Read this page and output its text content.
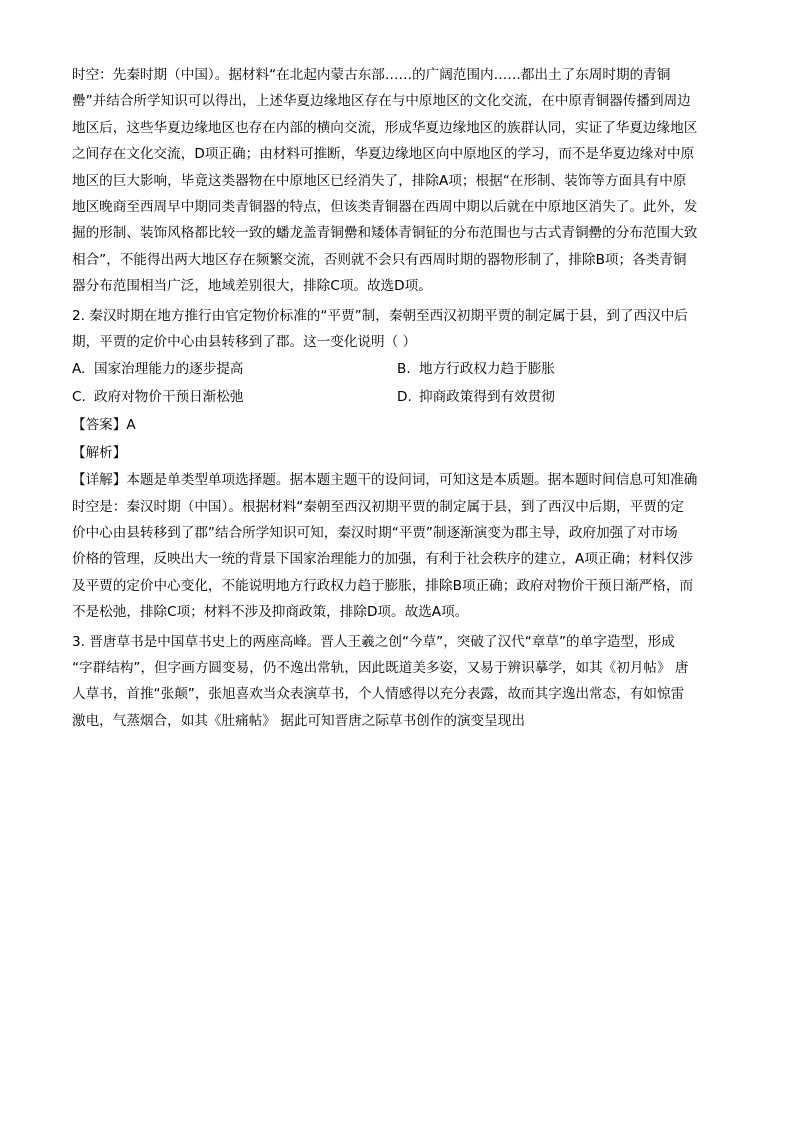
时空：先秦时期（中国）。据材料“在北起内蒙古东部……的广阔范围内……都出土了东周时期的青铜
罍”并结合所学知识可以得出，上述华夏边缘地区存在与中原地区的文化交流，在中原青铜器传播到周边
地区后，这些华夏边缘地区也存在内部的横向交流，形成华夏边缘地区的族群认同，实证了华夏边缘地区
之间存在文化交流，D项正确；由材料可推断，华夏边缘地区向中原地区的学习，而不是华夏边缘对中原
地区的巨大影响，毕竟这类器物在中原地区已经消失了，排除A项；根据“在形制、装饰等方面具有中原
地区晚商至西周早中期同类青铜器的特点，但该类青铜器在西周中期以后就在中原地区消失了。此外，发
掘的形制、装饰风格都比较一致的蟠龙盖青铜罍和矮体青铜钲的分布范围也与古式青铜罍的分布范围大致
相合”，不能得出两大地区存在频繁交流，否则就不会只有西周时期的器物形制了，排除B项；各类青铜
器分布范围相当广泛，地域差别很大，排除C项。故选D项。
2. 秦汉时期在地方推行由官定物价标准的“平贾”制，秦朝至西汉初期平贾的制定属于县，到了西汉中后
期，平贾的定价中心由县转移到了郡。这一变化说明（ ）
A. 国家治理能力的逐步提高	B. 地方行政权力趋于膨胀
C. 政府对物价干预日渐松弛	D. 抑商政策得到有效贯彻
【答案】A
【解析】
【详解】本题是单类型单项选择题。据本题主题干的设问词，可知这是本质题。据本题时间信息可知准确
时空是：秦汉时期（中国）。根据材料“秦朝至西汉初期平贾的制定属于县，到了西汉中后期，平贾的定
价中心由县转移到了郡”结合所学知识可知，秦汉时期“平贾”制逐渐演变为郡主导，政府加强了对市场
价格的管理，反映出大一统的背景下国家治理能力的加强，有利于社会秩序的建立，A项正确；材料仅涉
及平贾的定价中心变化，不能说明地方行政权力趋于膨胀，排除B项正确；政府对物价干预日渐严格，而
不是松弛，排除C项；材料不涉及抑商政策，排除D项。故选A项。
3. 晋唐草书是中国草书史上的两座高峰。晋人王羲之创“今草”，突破了汉代“章草”的单字造型，形成
“字群结构”，但字画方圆变易，仍不逸出常轨，因此既道美多姿，又易于辨识摹学，如其《初月帖》 唐
人草书，首推“张颠”，张旭喜欢当众表演草书，个人情感得以充分表露，故而其字逸出常态，有如惊雷
激电，气蒸烟合，如其《肚痛帖》 据此可知晋唐之际草书创作的演变呈现出
